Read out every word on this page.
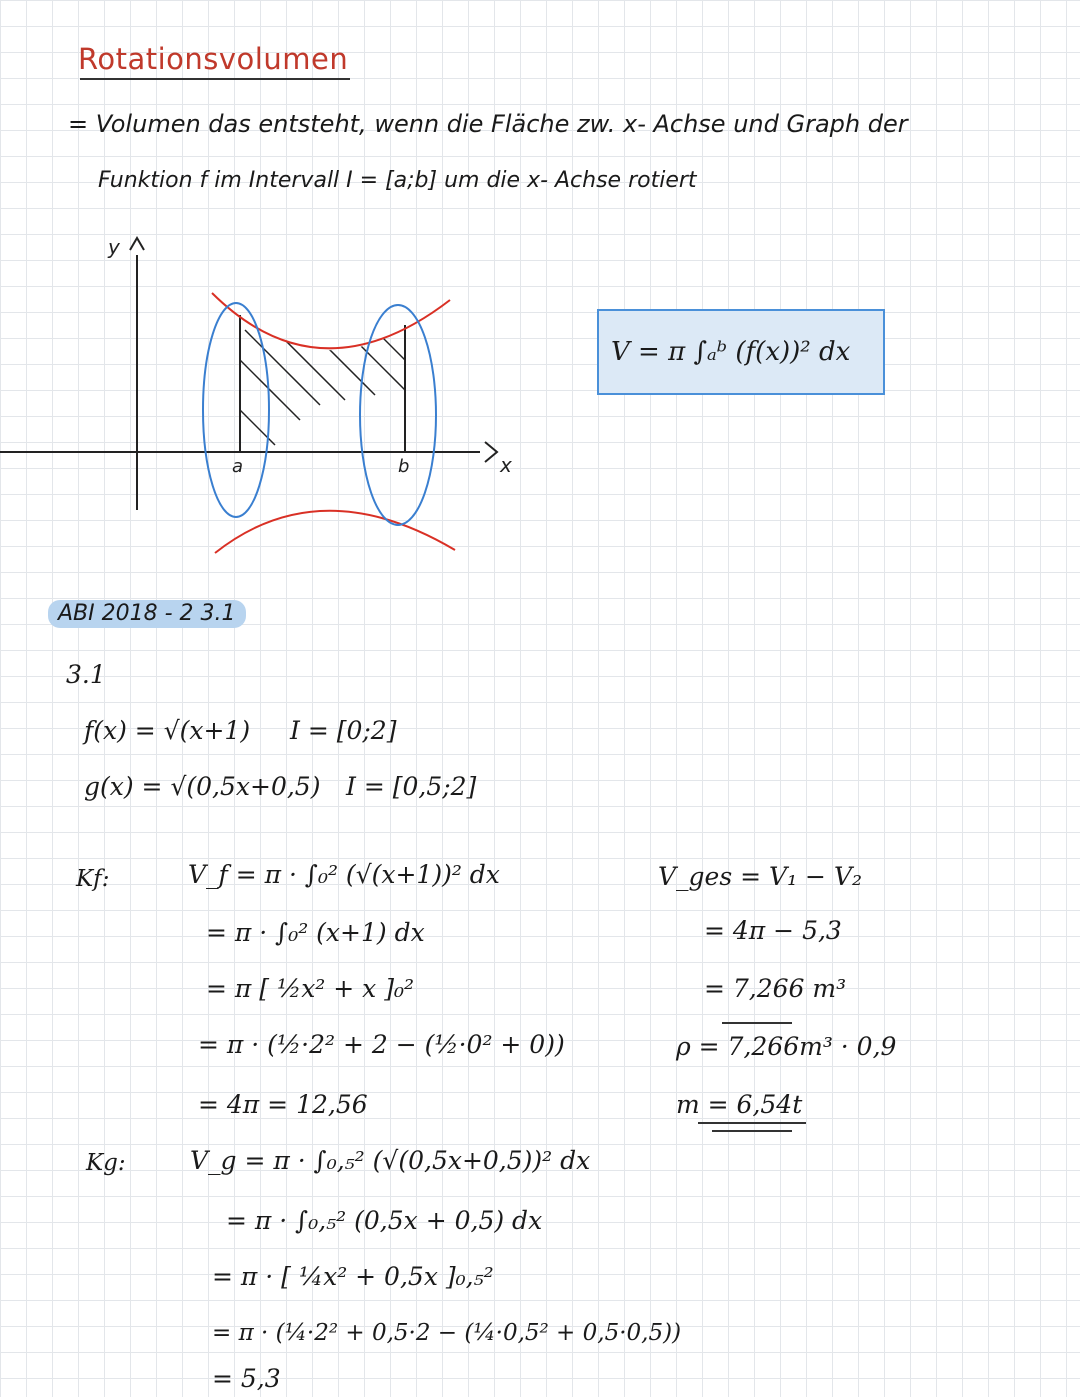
Rotationsvolumen
= Volumen das entsteht, wenn die Fläche zw. x- Achse und Graph der
Funktion f im Intervall I = [a;b] um die x- Achse rotiert
y
x
a	b
V = π ∫ₐᵇ (f(x))² dx
ABI 2018 - 2 3.1
3.1
f(x) = √(x+1) I = [0;2]
g(x) = √(0,5x+0,5) I = [0,5;2]
Kf:	V_f = π · ∫₀² (√(x+1))² dx
= π · ∫₀² (x+1) dx
= π [ ½x² + x ]₀²
= π · (½·2² + 2 − (½·0² + 0))
= 4π = 12,56
Kg:	V_g = π · ∫₀,₅² (√(0,5x+0,5))² dx
= π · ∫₀,₅² (0,5x + 0,5) dx
= π · [ ¼x² + 0,5x ]₀,₅²
= π · (¼·2² + 0,5·2 − (¼·0,5² + 0,5·0,5))
= 5,3
V_ges = V₁ − V₂
= 4π − 5,3
= 7,266 m³
ρ = 7,266m³ · 0,9
m = 6,54t
